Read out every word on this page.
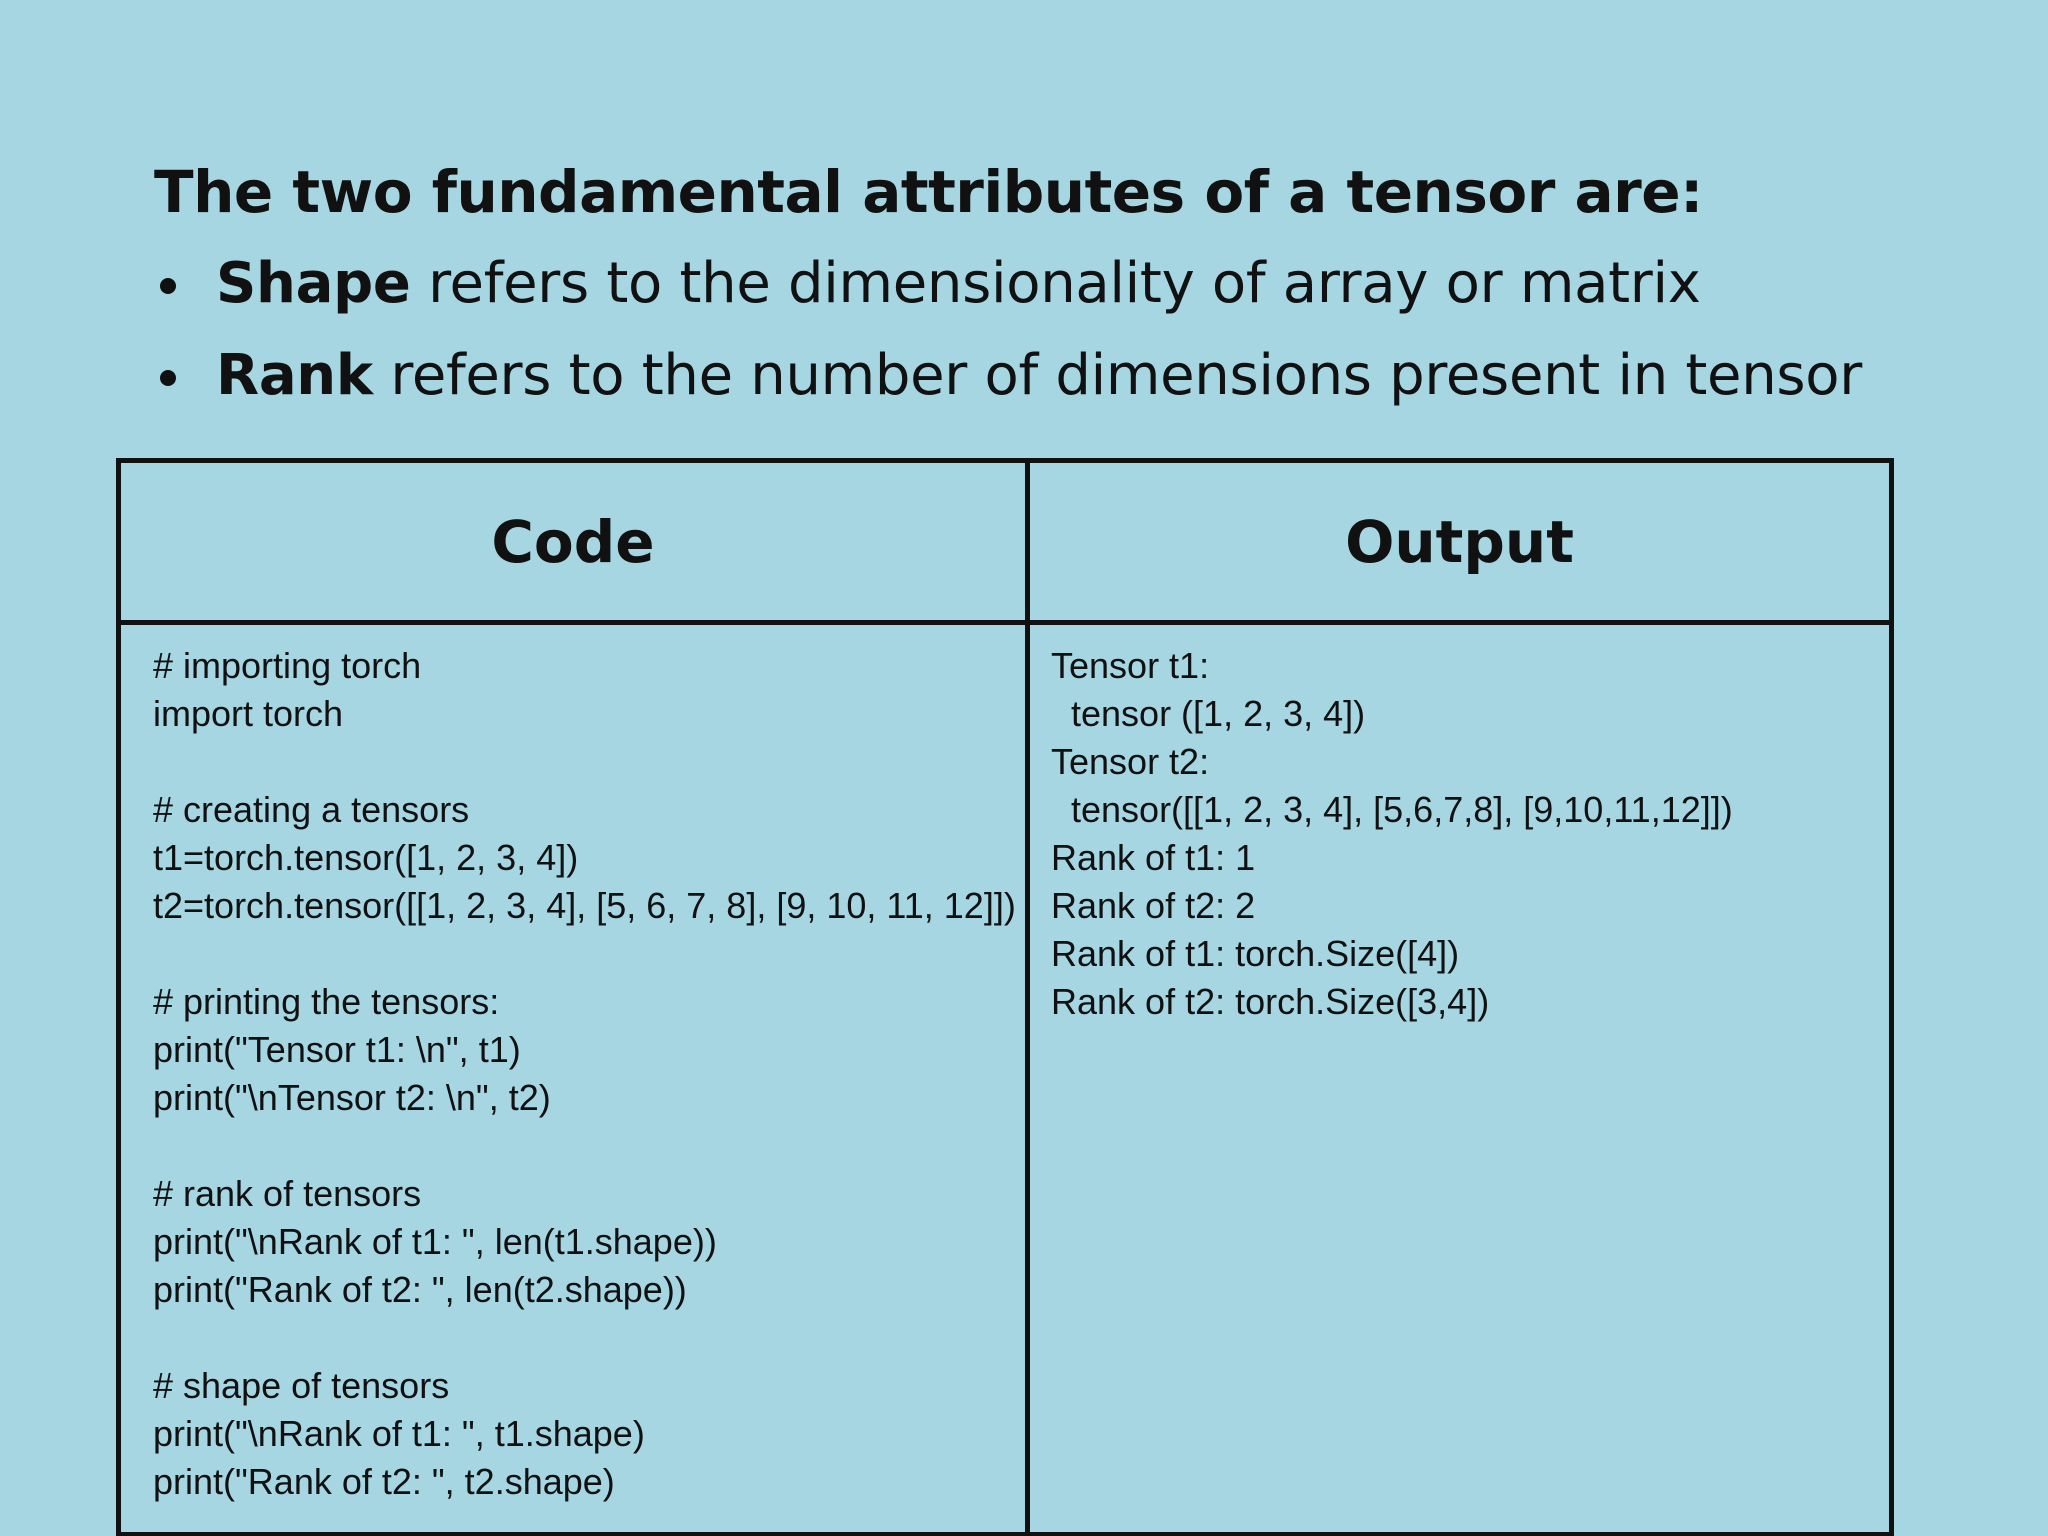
The two fundamental attributes of a tensor are:
Shape refers to the dimensionality of array or matrix
Rank refers to the number of dimensions present in tensor
Code	Output
# importing torch
import torch
# creating a tensors
t1=torch.tensor([1, 2, 3, 4])
t2=torch.tensor([[1, 2, 3, 4], [5, 6, 7, 8], [9, 10, 11, 12]])
# printing the tensors:
print("Tensor t1: \n", t1)
print("\nTensor t2: \n", t2)
# rank of tensors
print("\nRank of t1: ", len(t1.shape))
print("Rank of t2: ", len(t2.shape))
# shape of tensors
print("\nRank of t1: ", t1.shape)
print("Rank of t2: ", t2.shape)
Tensor t1:
tensor ([1, 2, 3, 4])
Tensor t2:
tensor([[1, 2, 3, 4], [5,6,7,8], [9,10,11,12]])
Rank of t1: 1
Rank of t2: 2
Rank of t1: torch.Size([4])
Rank of t2: torch.Size([3,4])
